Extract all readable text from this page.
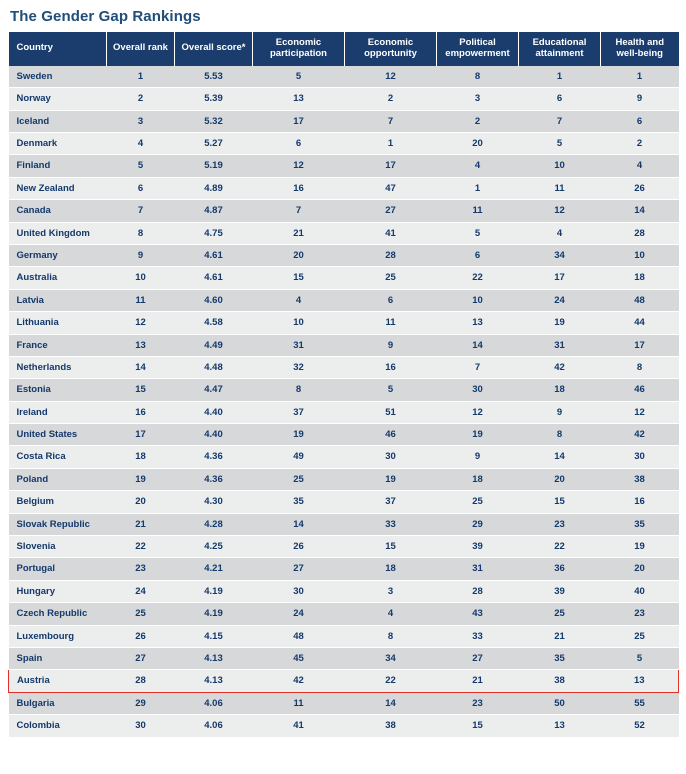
The Gender Gap Rankings
Country	Overall rank	Overall score*	Economic participation	Economic opportunity	Political empowerment	Educational attainment	Health and well-being
Sweden	1	5.53	5	12	8	1	1
Norway	2	5.39	13	2	3	6	9
Iceland	3	5.32	17	7	2	7	6
Denmark	4	5.27	6	1	20	5	2
Finland	5	5.19	12	17	4	10	4
New Zealand	6	4.89	16	47	1	11	26
Canada	7	4.87	7	27	11	12	14
United Kingdom	8	4.75	21	41	5	4	28
Germany	9	4.61	20	28	6	34	10
Australia	10	4.61	15	25	22	17	18
Latvia	11	4.60	4	6	10	24	48
Lithuania	12	4.58	10	11	13	19	44
France	13	4.49	31	9	14	31	17
Netherlands	14	4.48	32	16	7	42	8
Estonia	15	4.47	8	5	30	18	46
Ireland	16	4.40	37	51	12	9	12
United States	17	4.40	19	46	19	8	42
Costa Rica	18	4.36	49	30	9	14	30
Poland	19	4.36	25	19	18	20	38
Belgium	20	4.30	35	37	25	15	16
Slovak Republic	21	4.28	14	33	29	23	35
Slovenia	22	4.25	26	15	39	22	19
Portugal	23	4.21	27	18	31	36	20
Hungary	24	4.19	30	3	28	39	40
Czech Republic	25	4.19	24	4	43	25	23
Luxembourg	26	4.15	48	8	33	21	25
Spain	27	4.13	45	34	27	35	5
Austria	28	4.13	42	22	21	38	13
Bulgaria	29	4.06	11	14	23	50	55
Colombia	30	4.06	41	38	15	13	52
